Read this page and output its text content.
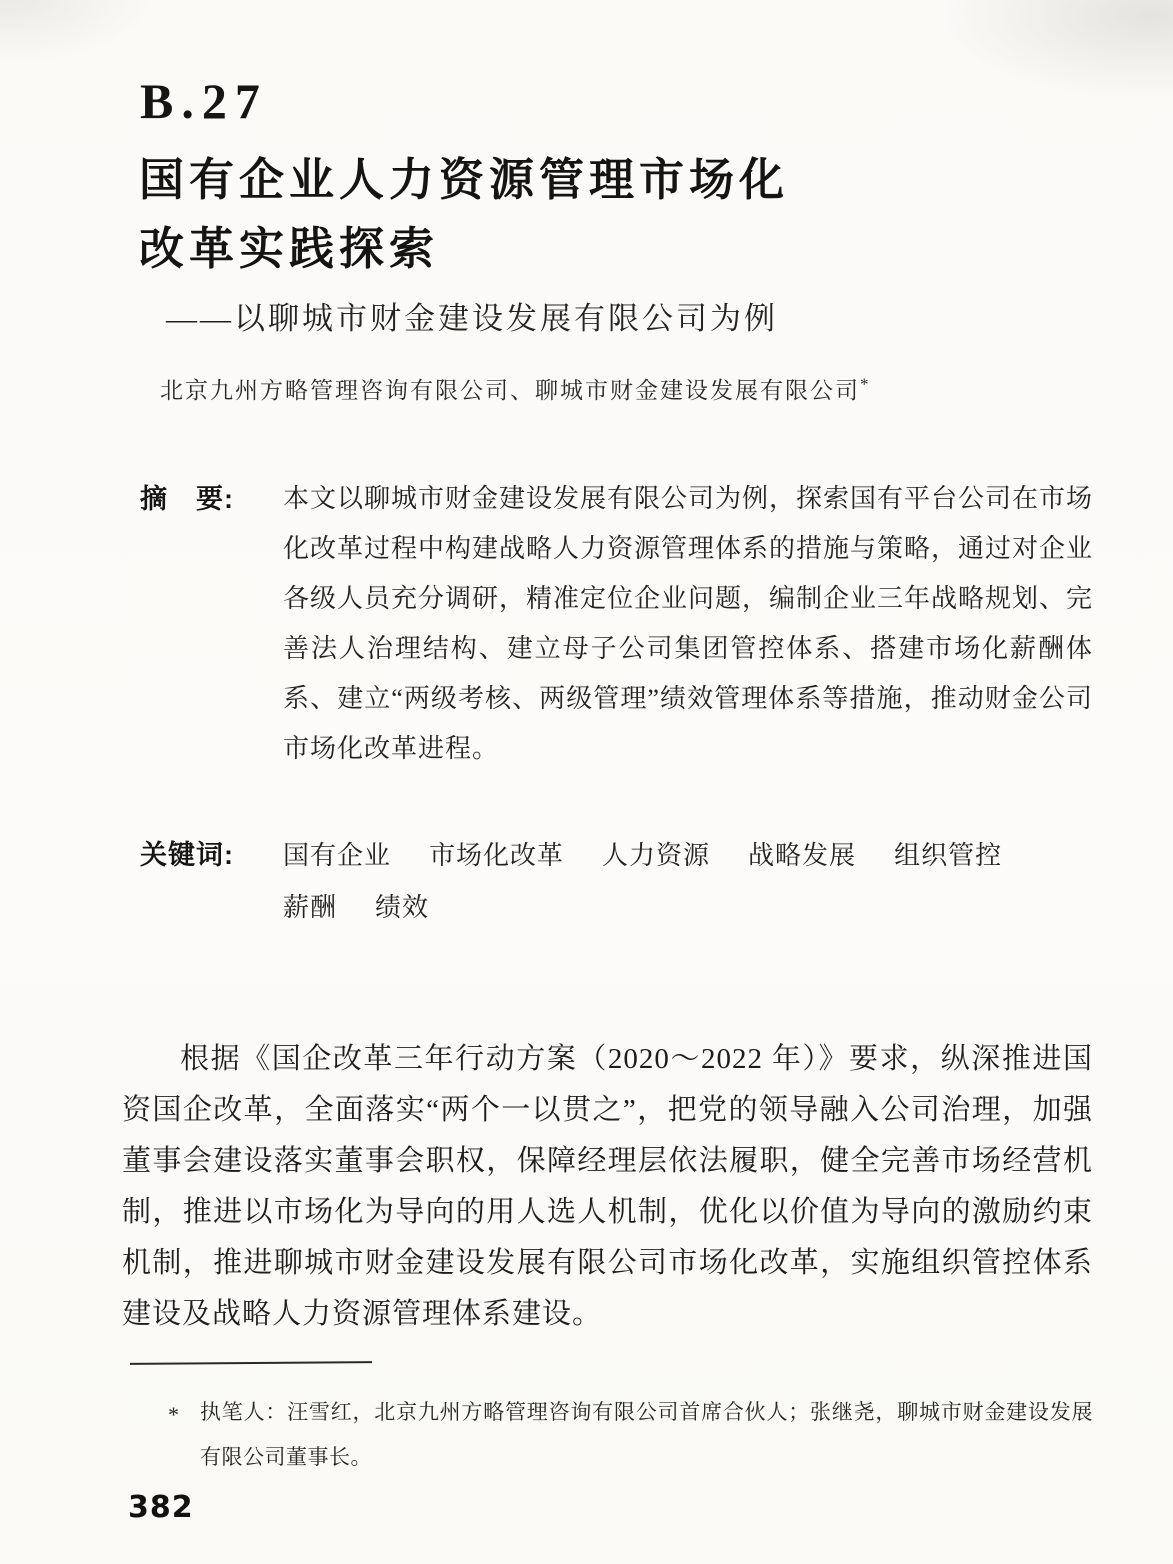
B.27
国有企业人力资源管理市场化
改革实践探索
——以聊城市财金建设发展有限公司为例
北京九州方略管理咨询有限公司、聊城市财金建设发展有限公司*
摘　要:	本文以聊城市财金建设发展有限公司为例，探索国有平台公司在市场化改革过程中构建战略人力资源管理体系的措施与策略，通过对企业各级人员充分调研，精准定位企业问题，编制企业三年战略规划、完善法人治理结构、建立母子公司集团管控体系、搭建市场化薪酬体系、建立“两级考核、两级管理”绩效管理体系等措施，推动财金公司市场化改革进程。
关键词:	国有企业 市场化改革 人力资源 战略发展 组织管控
薪酬 绩效
根据《国企改革三年行动方案（2020～2022 年）》要求，纵深推进国资国企改革，全面落实“两个一以贯之”，把党的领导融入公司治理，加强董事会建设落实董事会职权，保障经理层依法履职，健全完善市场经营机制，推进以市场化为导向的用人选人机制，优化以价值为导向的激励约束机制，推进聊城市财金建设发展有限公司市场化改革，实施组织管控体系建设及战略人力资源管理体系建设。
*	执笔人：汪雪红，北京九州方略管理咨询有限公司首席合伙人；张继尧，聊城市财金建设发展有限公司董事长。
382
